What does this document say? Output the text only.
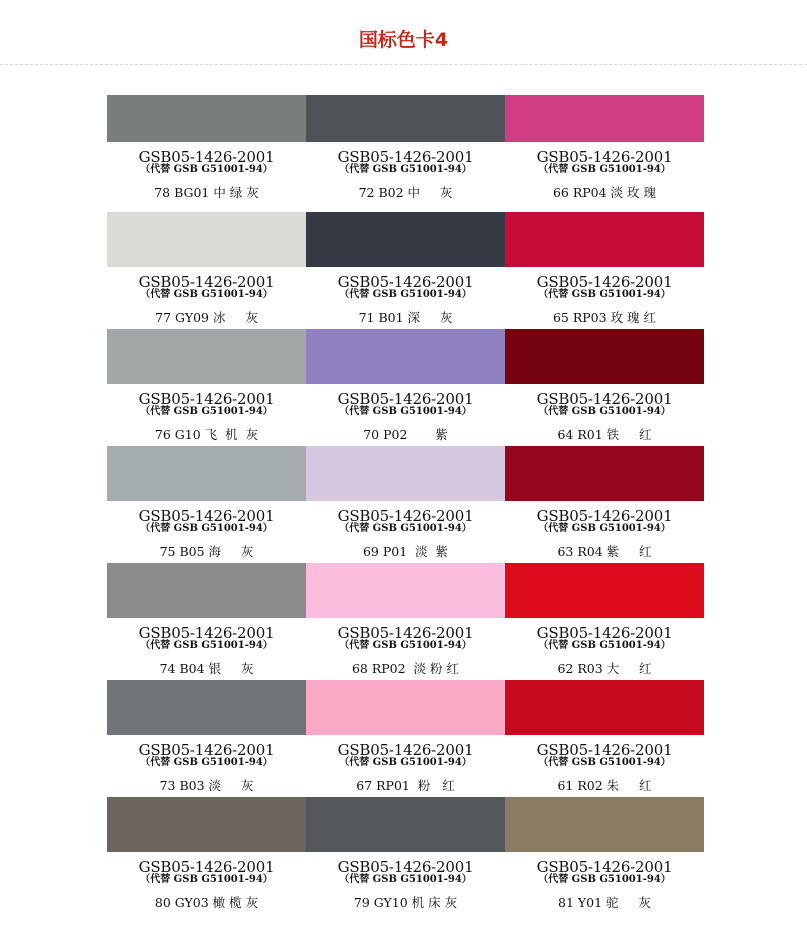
国标色卡4
GSB05-1426-2001
（代替 GSB G51001-94）
78 BG01 中 绿 灰
GSB05-1426-2001
（代替 GSB G51001-94）
72 B02 中     灰
GSB05-1426-2001
（代替 GSB G51001-94）
66 RP04 淡 玫 瑰
GSB05-1426-2001
（代替 GSB G51001-94）
77 GY09 冰     灰
GSB05-1426-2001
（代替 GSB G51001-94）
71 B01 深     灰
GSB05-1426-2001
（代替 GSB G51001-94）
65 RP03 玫 瑰 红
GSB05-1426-2001
（代替 GSB G51001-94）
76 G10 飞  机  灰
GSB05-1426-2001
（代替 GSB G51001-94）
70 P02       紫
GSB05-1426-2001
（代替 GSB G51001-94）
64 R01 铁     红
GSB05-1426-2001
（代替 GSB G51001-94）
75 B05 海     灰
GSB05-1426-2001
（代替 GSB G51001-94）
69 P01  淡  紫
GSB05-1426-2001
（代替 GSB G51001-94）
63 R04 紫     红
GSB05-1426-2001
（代替 GSB G51001-94）
74 B04 银     灰
GSB05-1426-2001
（代替 GSB G51001-94）
68 RP02  淡 粉 红
GSB05-1426-2001
（代替 GSB G51001-94）
62 R03 大     红
GSB05-1426-2001
（代替 GSB G51001-94）
73 B03 淡     灰
GSB05-1426-2001
（代替 GSB G51001-94）
67 RP01  粉   红
GSB05-1426-2001
（代替 GSB G51001-94）
61 R02 朱     红
GSB05-1426-2001
（代替 GSB G51001-94）
80 GY03 橄 榄 灰
GSB05-1426-2001
（代替 GSB G51001-94）
79 GY10 机 床 灰
GSB05-1426-2001
（代替 GSB G51001-94）
81 Y01 驼     灰
